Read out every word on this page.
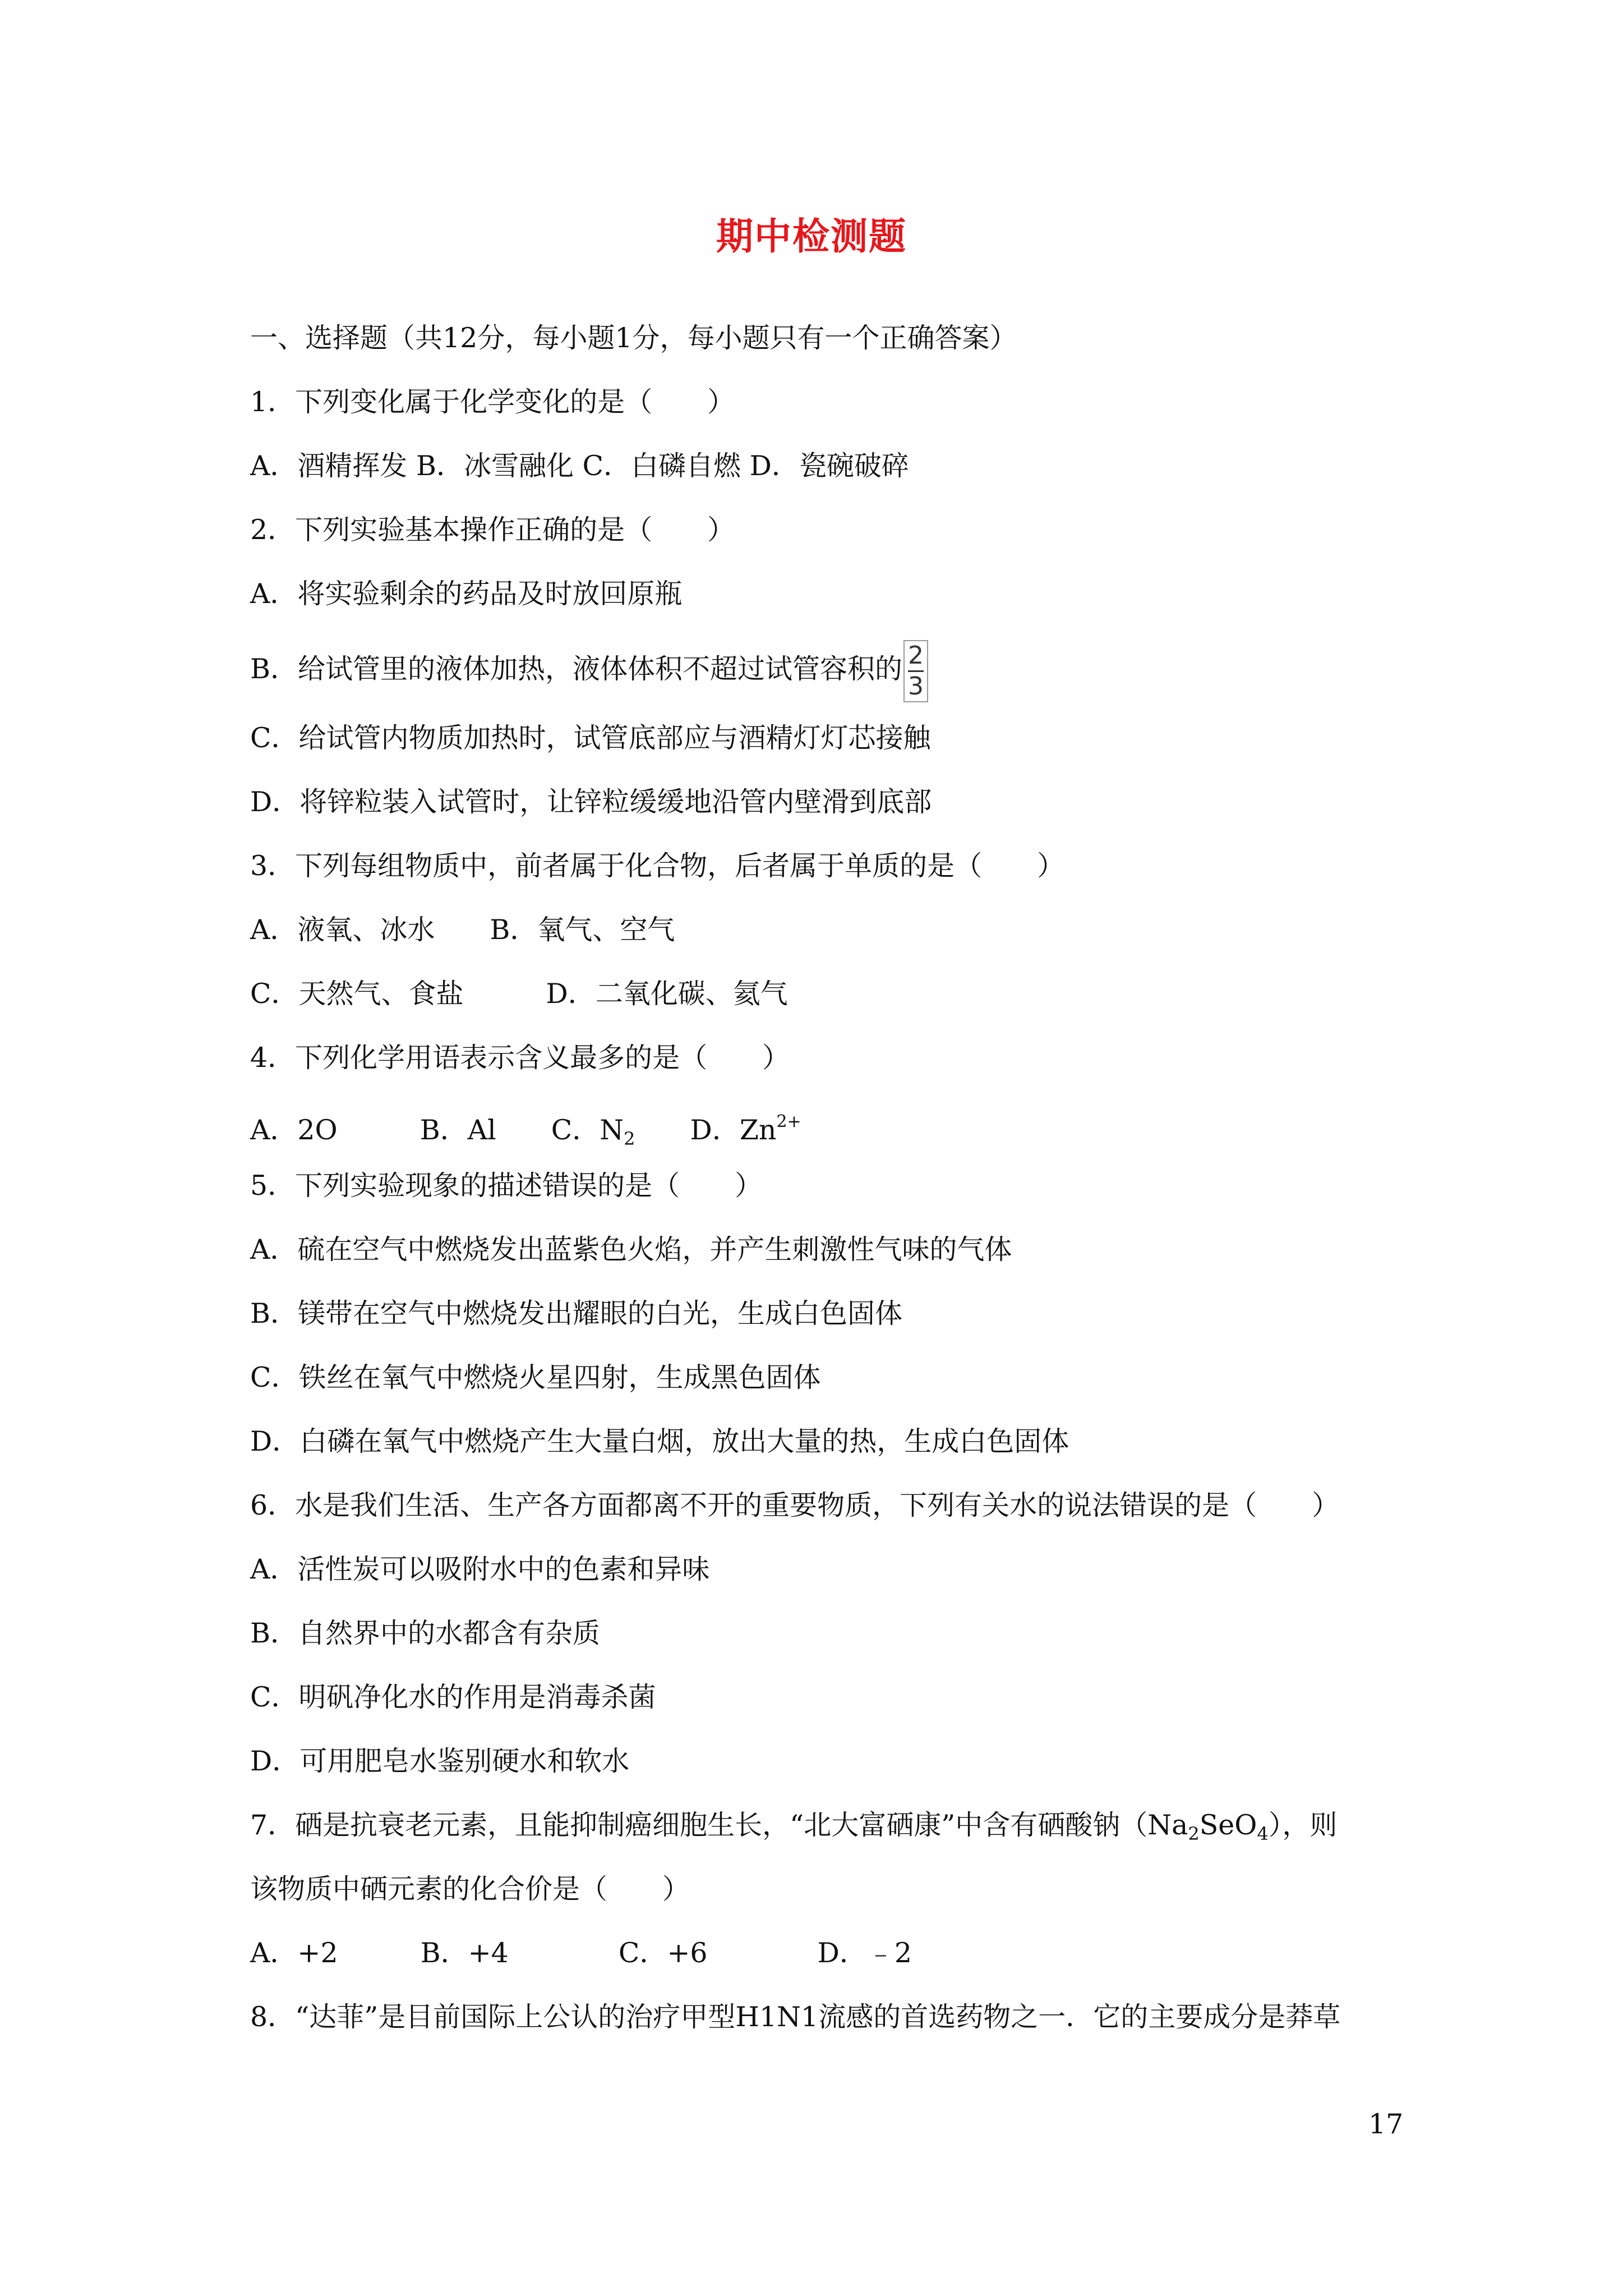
期中检测题
一、选择题（共12分，每小题1分，每小题只有一个正确答案）
1．下列变化属于化学变化的是（　　）
A．酒精挥发 B．冰雪融化 C．白磷自燃 D．瓷碗破碎
2．下列实验基本操作正确的是（　　）
A．将实验剩余的药品及时放回原瓶
B．给试管里的液体加热，液体体积不超过试管容积的$\frac{2}{3}$
C．给试管内物质加热时，试管底部应与酒精灯灯芯接触
D．将锌粒装入试管时，让锌粒缓缓地沿管内壁滑到底部
3．下列每组物质中，前者属于化合物，后者属于单质的是（　　）
A．液氧、冰水　　B．氧气、空气
C．天然气、食盐　　　D．二氧化碳、氦气
4．下列化学用语表示含义最多的是（　　）
A．2O　　　B．Al　　C．$N_2$　　D．$Zn^{2+}$
5．下列实验现象的描述错误的是（　　）
A．硫在空气中燃烧发出蓝紫色火焰，并产生刺激性气味的气体
B．镁带在空气中燃烧发出耀眼的白光，生成白色固体
C．铁丝在氧气中燃烧火星四射，生成黑色固体
D．白磷在氧气中燃烧产生大量白烟，放出大量的热，生成白色固体
6．水是我们生活、生产各方面都离不开的重要物质，下列有关水的说法错误的是（　　）
A．活性炭可以吸附水中的色素和异味
B．自然界中的水都含有杂质
C．明矾净化水的作用是消毒杀菌
D．可用肥皂水鉴别硬水和软水
7．硒是抗衰老元素，且能抑制癌细胞生长，“北大富硒康”中含有硒酸钠$(Na_2SeO_4)$，则
该物质中硒元素的化合价是（　　）
A．+2　　　B．+4　　　　C．+6　　　　D．﹣2
8．“达菲”是目前国际上公认的治疗甲型H1N1流感的首选药物之一．它的主要成分是莽草
17
